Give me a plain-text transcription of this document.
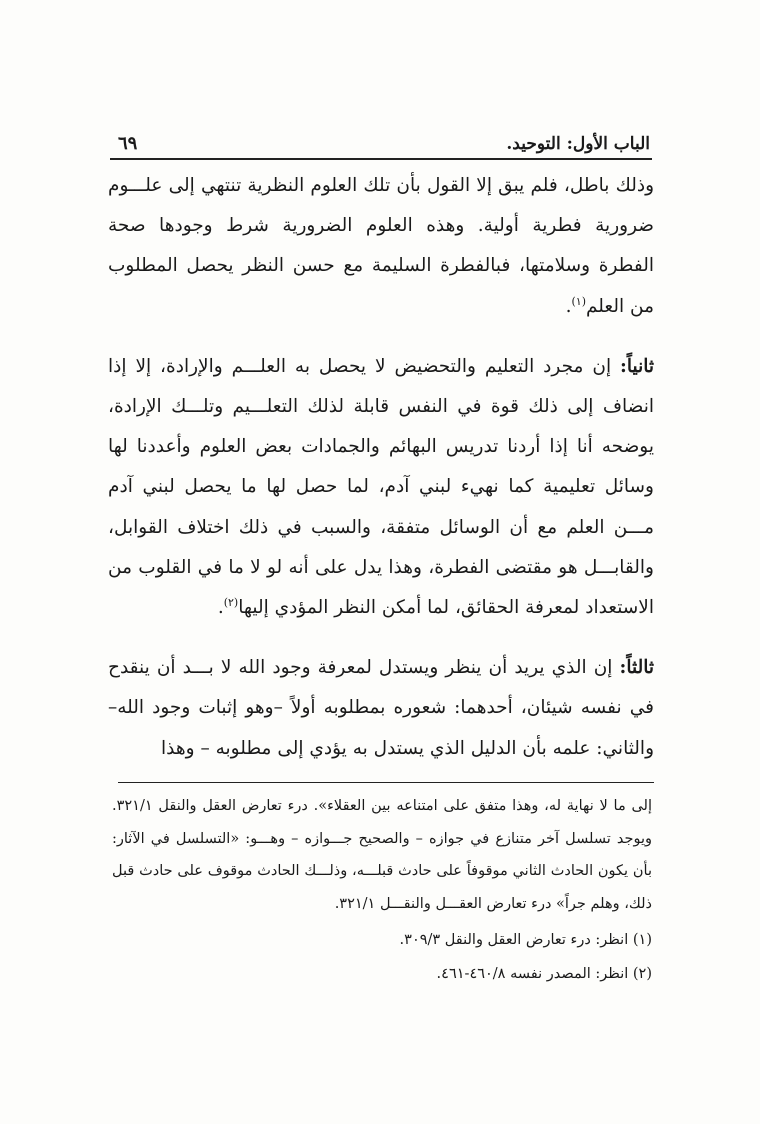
الباب الأول: التوحيد.
٦٩

وذلك باطل، فلم يبق إلا القول بأن تلك العلوم النظرية تنتهي إلى علـــوم ضرورية فطرية أولية. وهذه العلوم الضرورية شرط وجودها صحة الفطرة وسلامتها، فبالفطرة السليمة مع حسن النظر يحصل المطلوب من العلم$^{(١)}$.

ثانياً: إن مجرد التعليم والتحضيض لا يحصل به العلـــم والإرادة، إلا إذا انضاف إلى ذلك قوة في النفس قابلة لذلك التعلـــيم وتلـــك الإرادة، يوضحه أنا إذا أردنا تدريس البهائم والجمادات بعض العلوم وأعددنا لها وسائل تعليمية كما نهيء لبني آدم، لما حصل لها ما يحصل لبني آدم مـــن العلم مع أن الوسائل متفقة، والسبب في ذلك اختلاف القوابل، والقابـــل هو مقتضى الفطرة، وهذا يدل على أنه لو لا ما في القلوب من الاستعداد لمعرفة الحقائق، لما أمكن النظر المؤدي إليها$^{(٢)}$.

ثالثاً: إن الذي يريد أن ينظر ويستدل لمعرفة وجود الله لا بـــد أن ينقدح في نفسه شيئان، أحدهما: شعوره بمطلوبه أولاً –وهو إثبات وجود الله– والثاني: علمه بأن الدليل الذي يستدل به يؤدي إلى مطلوبه – وهذا

إلى ما لا نهاية له، وهذا متفق على امتناعه بين العقلاء». درء تعارض العقل والنقل ٣٢١/١. ويوجد تسلسل آخر متنازع في جوازه – والصحيح جـــوازه – وهـــو: «التسلسل في الآثار: بأن يكون الحادث الثاني موقوفاً على حادث قبلـــه، وذلـــك الحادث موقوف على حادث قبل ذلك، وهلم جراً» درء تعارض العقـــل والنقـــل ٣٢١/١.

(١) انظر: درء تعارض العقل والنقل ٣٠٩/٣.

(٢) انظر: المصدر نفسه ٤٦٠/٨-٤٦١.
